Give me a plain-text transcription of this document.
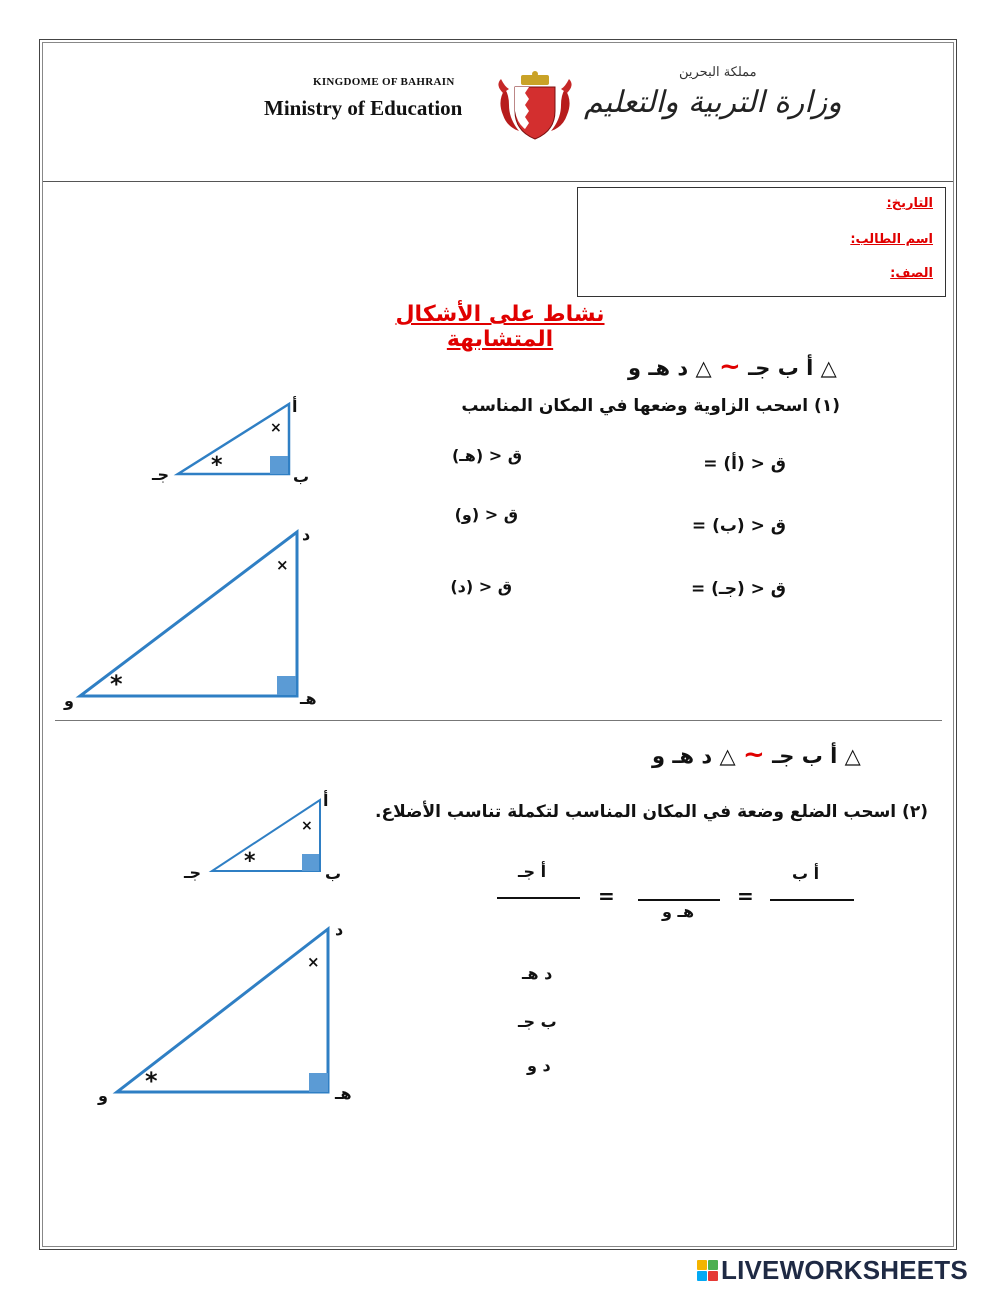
KINGDOME OF BAHRAIN
Ministry of Education
مملكة البحرين
وزارة التربية والتعليم
التاريخ:
اسم الطالب:
الصف:
نشاط على الأشكال المتشابهة
△ أ ب جـ ~ △ د هـ و
(١) اسحب الزاوية وضعها في المكان المناسب
ق < (أ) =
ق < (ب) =
ق < (جـ) =
ق < (هـ)
ق < (و)
ق < (د)
×
*
أ
ب
جـ
×
*
د
هـ
و
△ أ ب جـ ~ △ د هـ و
(٢) اسحب الضلع وضعة في المكان المناسب لتكملة تناسب الأضلاع.
أ ب
=
هـ و
=
أ جـ
د هـ
ب جـ
د و
×
*
أ
ب
جـ
×
*
د
هـ
و
LIVEWORKSHEETS
